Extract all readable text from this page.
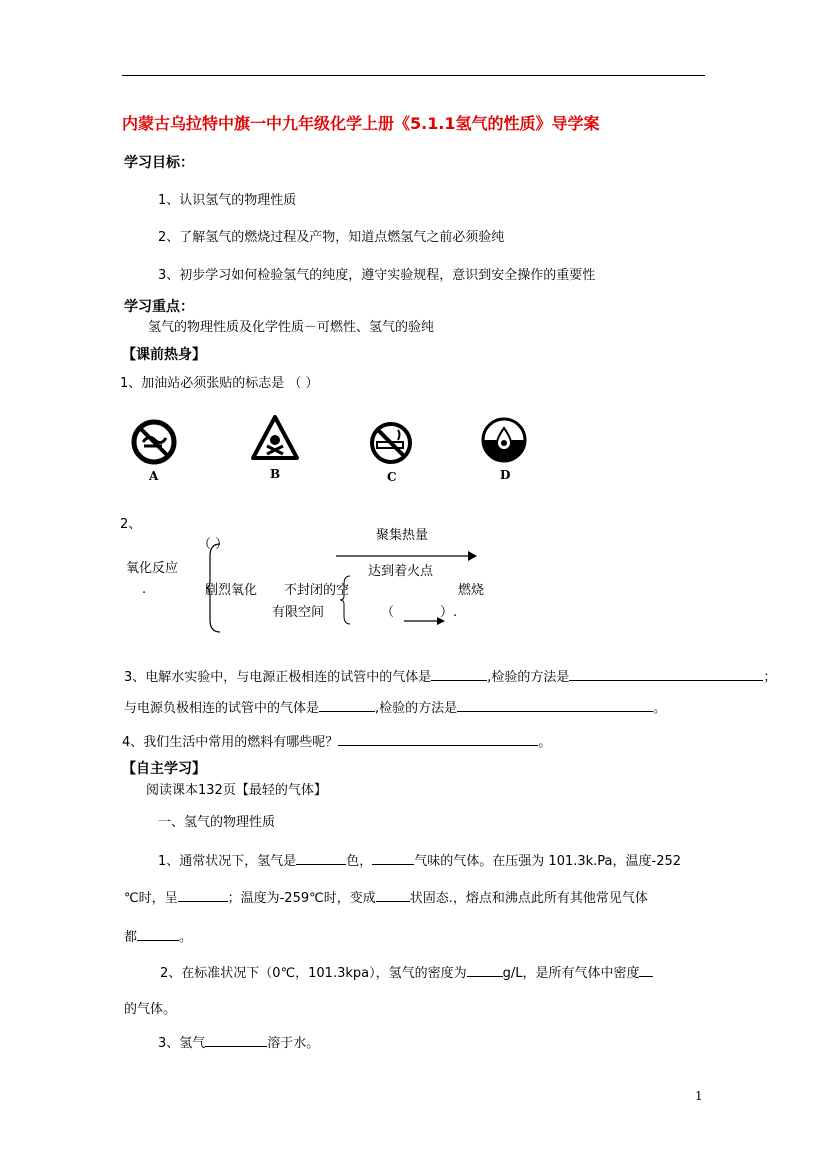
内蒙古乌拉特中旗一中九年级化学上册《5.1.1氢气的性质》导学案
学习目标：
1、认识氢气的物理性质
2、了解氢气的燃烧过程及产物，知道点燃氢气之前必须验纯
3、初步学习如何检验氢气的纯度，遵守实验规程，意识到安全操作的重要性
学习重点：
氢气的物理性质及化学性质－可燃性、氢气的验纯
【课前热身】
1、加油站必须张贴的标志是 （ ）
A	B	C	D
2、
（ ）
氧化反应
.	剧烈氧化 不封闭的空
有限空间
聚集热量
达到着火点
燃烧
（	）.
3、电解水实验中，与电源正极相连的试管中的气体是	,检验的方法是	；
与电源负极相连的试管中的气体是	,检验的方法是	。
4、我们生活中常用的燃料有哪些呢？	。
【自主学习】
阅读课本132页【最轻的气体】
一、氢气的物理性质
1、通常状况下，氢气是	色，	气味的气体。在压强为 101.3k.Pa，温度-252
℃时，呈	；温度为-259℃时，变成	状固态.，熔点和沸点此所有其他常见气体
都	。
2、在标准状况下（0℃，101.3kpa），氢气的密度为	g/L，是所有气体中密度
的气体。
3、氢气	溶于水。
1
